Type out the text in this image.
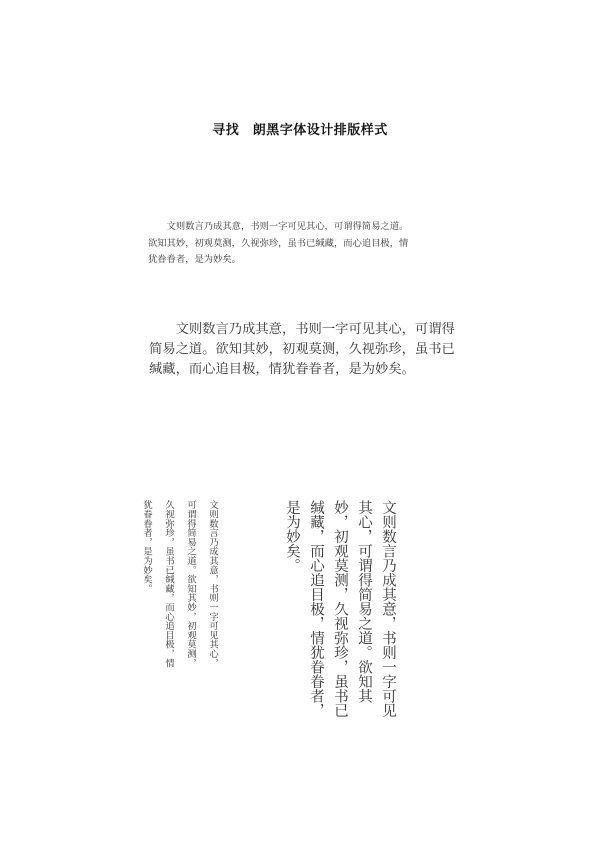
寻找　朗黑字体设计排版样式

文则数言乃成其意，书则一字可见其心，可谓得简易之道。欲知其妙，初观莫测，久视弥珍，虽书已缄藏，而心追目极，情犹眷眷者，是为妙矣。

文则数言乃成其意，书则一字可见其心，可谓得简易之道。欲知其妙，初观莫测，久视弥珍，虽书已缄藏，而心追目极，情犹眷眷者，是为妙矣。

文则数言乃成其意，书则一字可见其心，可谓得简易之道。欲知其妙，初观莫测，久视弥珍，虽书已缄藏，而心追目极，情犹眷眷者，是为妙矣。	文则数言乃成其意，书则一字可见其心，可谓得简易之道。欲知其妙，初观莫测，久视弥珍，虽书已缄藏，而心追目极，情犹眷眷者，是为妙矣。
